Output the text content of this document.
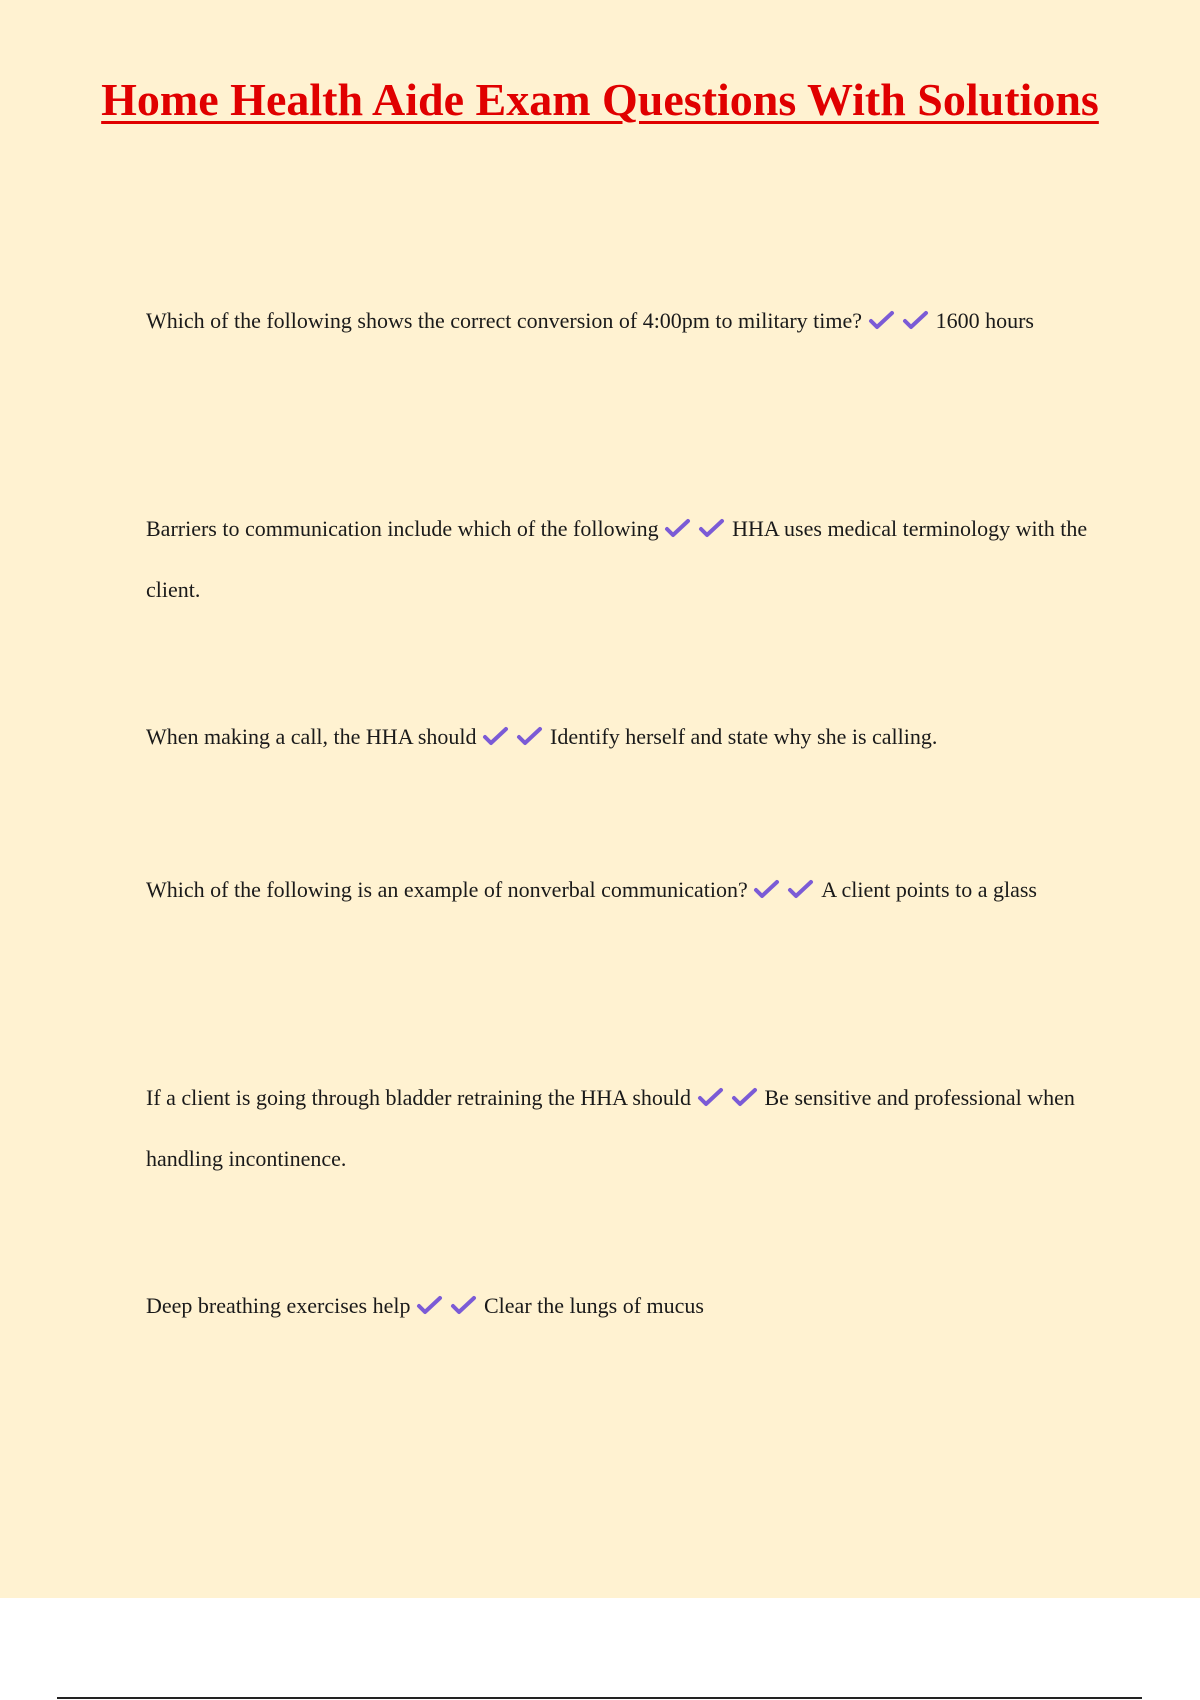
Home Health Aide Exam Questions With Solutions

Which of the following shows the correct conversion of 4:00pm to military time?	1600 hours

Barriers to communication include which of the following	HHA uses medical terminology with the client.

When making a call, the HHA should	Identify herself and state why she is calling.

Which of the following is an example of nonverbal communication?	A client points to a glass

If a client is going through bladder retraining the HHA should	Be sensitive and professional when handling incontinence.

Deep breathing exercises help	Clear the lungs of mucus
